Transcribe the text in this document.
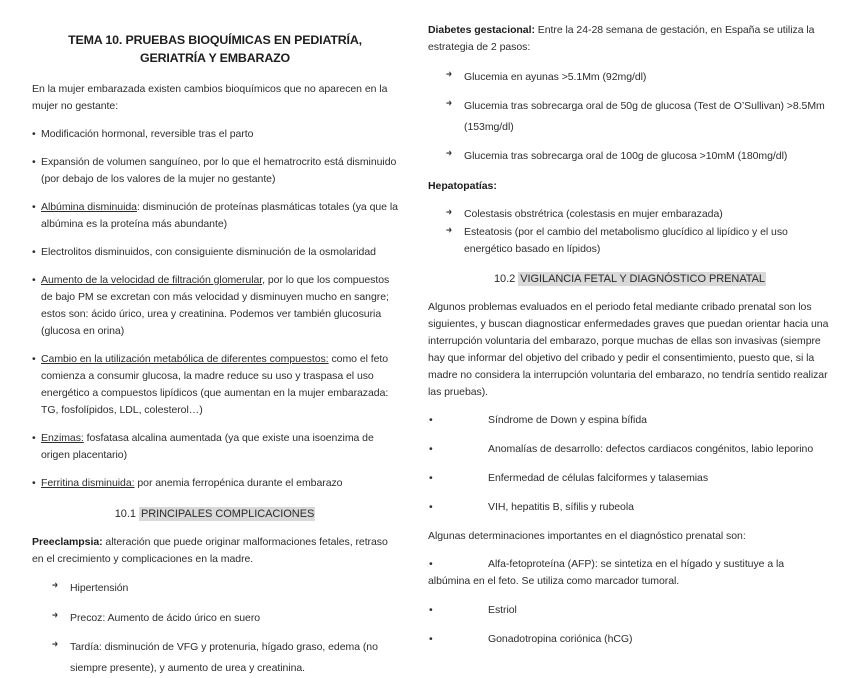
TEMA 10. PRUEBAS BIOQUÍMICAS EN PEDIATRÍA, GERIATRÍA Y EMBARAZO

En la mujer embarazada existen cambios bioquímicos que no aparecen en la mujer no gestante:

• Modificación hormonal, reversible tras el parto

• Expansión de volumen sanguíneo, por lo que el hematrocrito está disminuido (por debajo de los valores de la mujer no gestante)

• Albúmina disminuida: disminución de proteínas plasmáticas totales (ya que la albúmina es la proteína más abundante)

• Electrolitos disminuidos, con consiguiente disminución de la osmolaridad

• Aumento de la velocidad de filtración glomerular, por lo que los compuestos de bajo PM se excretan con más velocidad y disminuyen mucho en sangre; estos son: ácido úrico, urea y creatinina. Podemos ver también glucosuria (glucosa en orina)

• Cambio en la utilización metabólica de diferentes compuestos: como el feto comienza a consumir glucosa, la madre reduce su uso y traspasa el uso energético a compuestos lipídicos (que aumentan en la mujer embarazada: TG, fosfolípidos, LDL, colesterol…)

• Enzimas: fosfatasa alcalina aumentada (ya que existe una isoenzima de origen placentario)

• Ferritina disminuida: por anemia ferropénica durante el embarazo

10.1 PRINCIPALES COMPLICACIONES

Preeclampsia: alteración que puede originar malformaciones fetales, retraso en el crecimiento y complicaciones en la madre.

➜ Hipertensión
➜ Precoz: Aumento de ácido úrico en suero
➜ Tardía: disminución de VFG y protenuria, hígado graso, edema (no siempre presente), y aumento de urea y creatinina.

Diabetes gestacional: Entre la 24-28 semana de gestación, en España se utiliza la estrategia de 2 pasos:

➜ Glucemia en ayunas >5.1Mm (92mg/dl)
➜ Glucemia tras sobrecarga oral de 50g de glucosa (Test de O’Sullivan) >8.5Mm (153mg/dl)
➜ Glucemia tras sobrecarga oral de 100g de glucosa >10mM (180mg/dl)

Hepatopatías:

➜ Colestasis obstrétrica (colestasis en mujer embarazada)
➜ Esteatosis (por el cambio del metabolismo glucídico al lipídico y el uso energético basado en lípidos)
10.2 VIGILANCIA FETAL Y DIAGNÓSTICO PRENATAL

Algunos problemas evaluados en el periodo fetal mediante cribado prenatal son los siguientes, y buscan diagnosticar enfermedades graves que puedan orientar hacia una interrupción voluntaria del embarazo, porque muchas de ellas son invasivas (siempre hay que informar del objetivo del cribado y pedir el consentimiento, puesto que, si la madre no considera la interrupción voluntaria del embarazo, no tendría sentido realizar las pruebas).

• Síndrome de Down y espina bífida
• Anomalías de desarrollo: defectos cardiacos congénitos, labio leporino
• Enfermedad de células falciformes y talasemias
• VIH, hepatitis B, sífilis y rubeola

Algunas determinaciones importantes en el diagnóstico prenatal son:

• Alfa-fetoproteína (AFP): se sintetiza en el hígado y sustituye a la
albúmina en el feto. Se utiliza como marcador tumoral.
• Estriol
• Gonadotropina coriónica (hCG)
